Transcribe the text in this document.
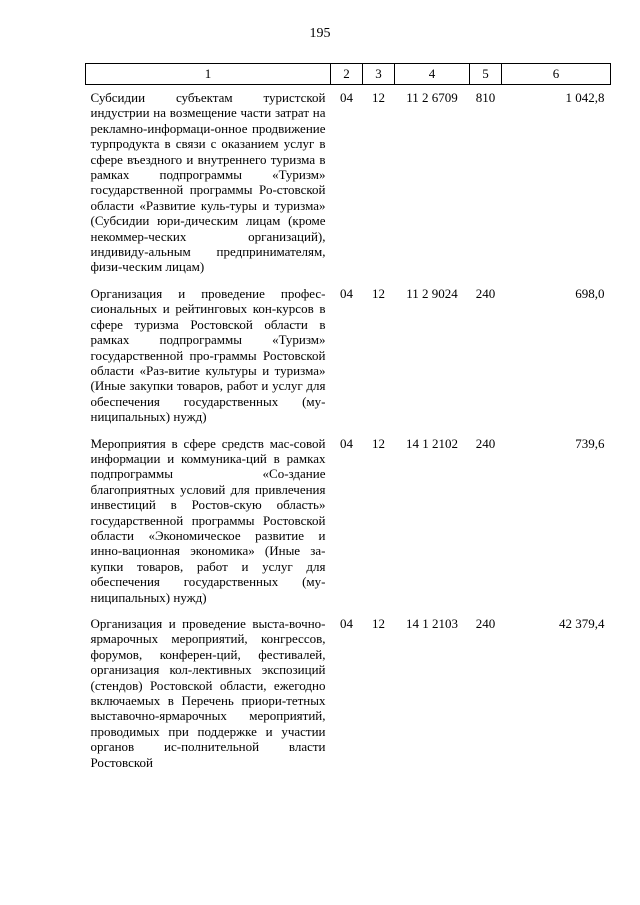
195
1	2	3	4	5	6
Субсидии субъектам туристской индустрии на возмещение части затрат на рекламно-информаци-онное продвижение турпродукта в связи с оказанием услуг в сфере въездного и внутреннего туризма в рамках подпрограммы «Туризм» государственной программы Ро-стовской области «Развитие куль-туры и туризма» (Субсидии юри-дическим лицам (кроме некоммер-ческих организаций), индивиду-альным предпринимателям, физи-ческим лицам)	04	12	11 2 6709	810	1 042,8
Организация и проведение профес-сиональных и рейтинговых кон-курсов в сфере туризма Ростовской области в рамках подпрограммы «Туризм» государственной про-граммы Ростовской области «Раз-витие культуры и туризма» (Иные закупки товаров, работ и услуг для обеспечения государственных (му-ниципальных) нужд)	04	12	11 2 9024	240	698,0
Мероприятия в сфере средств мас-совой информации и коммуника-ций в рамках подпрограммы «Со-здание благоприятных условий для привлечения инвестиций в Ростов-скую область» государственной программы Ростовской области «Экономическое развитие и инно-вационная экономика» (Иные за-купки товаров, работ и услуг для обеспечения государственных (му-ниципальных) нужд)	04	12	14 1 2102	240	739,6
Организация и проведение выста-вочно-ярмарочных мероприятий, конгрессов, форумов, конферен-ций, фестивалей, организация кол-лективных экспозиций (стендов) Ростовской области, ежегодно включаемых в Перечень приори-тетных выставочно-ярмарочных мероприятий, проводимых при поддержке и участии органов ис-полнительной власти Ростовской	04	12	14 1 2103	240	42 379,4
